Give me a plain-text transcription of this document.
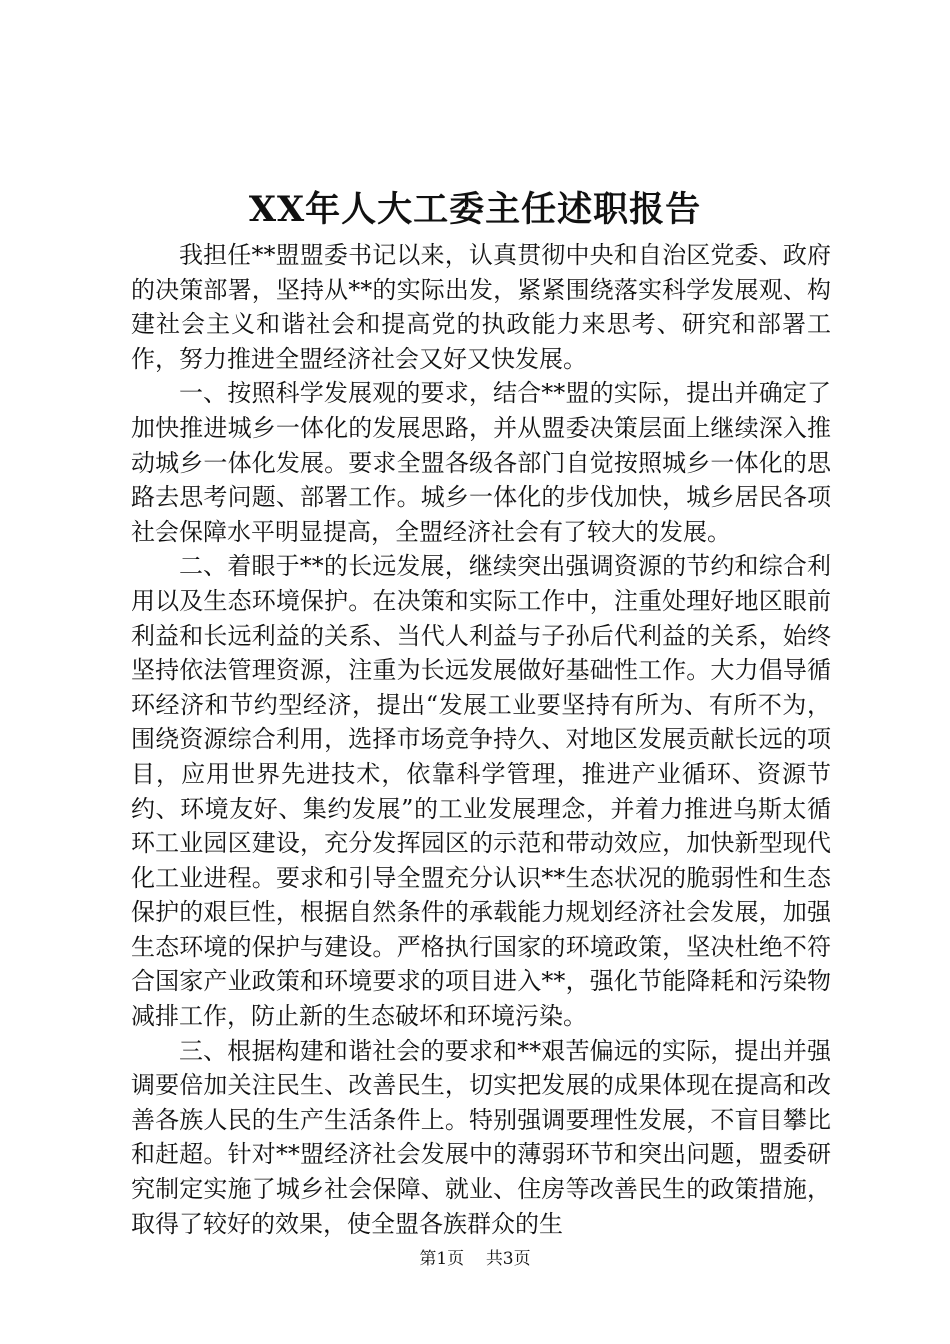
XX年人大工委主任述职报告

我担任**盟盟委书记以来，认真贯彻中央和自治区党委、政府的决策部署，坚持从**的实际出发，紧紧围绕落实科学发展观、构建社会主义和谐社会和提高党的执政能力来思考、研究和部署工作，努力推进全盟经济社会又好又快发展。

一、按照科学发展观的要求，结合**盟的实际，提出并确定了加快推进城乡一体化的发展思路，并从盟委决策层面上继续深入推动城乡一体化发展。要求全盟各级各部门自觉按照城乡一体化的思路去思考问题、部署工作。城乡一体化的步伐加快，城乡居民各项社会保障水平明显提高，全盟经济社会有了较大的发展。

二、着眼于**的长远发展，继续突出强调资源的节约和综合利用以及生态环境保护。在决策和实际工作中，注重处理好地区眼前利益和长远利益的关系、当代人利益与子孙后代利益的关系，始终坚持依法管理资源，注重为长远发展做好基础性工作。大力倡导循环经济和节约型经济，提出“发展工业要坚持有所为、有所不为，围绕资源综合利用，选择市场竞争持久、对地区发展贡献长远的项目，应用世界先进技术，依靠科学管理，推进产业循环、资源节约、环境友好、集约发展”的工业发展理念，并着力推进乌斯太循环工业园区建设，充分发挥园区的示范和带动效应，加快新型现代化工业进程。要求和引导全盟充分认识**生态状况的脆弱性和生态保护的艰巨性，根据自然条件的承载能力规划经济社会发展，加强生态环境的保护与建设。严格执行国家的环境政策，坚决杜绝不符合国家产业政策和环境要求的项目进入**，强化节能降耗和污染物减排工作，防止新的生态破坏和环境污染。

三、根据构建和谐社会的要求和**艰苦偏远的实际，提出并强调要倍加关注民生、改善民生，切实把发展的成果体现在提高和改善各族人民的生产生活条件上。特别强调要理性发展，不盲目攀比和赶超。针对**盟经济社会发展中的薄弱环节和突出问题，盟委研究制定实施了城乡社会保障、就业、住房等改善民生的政策措施，取得了较好的效果，使全盟各族群众的生

第1页 共3页
